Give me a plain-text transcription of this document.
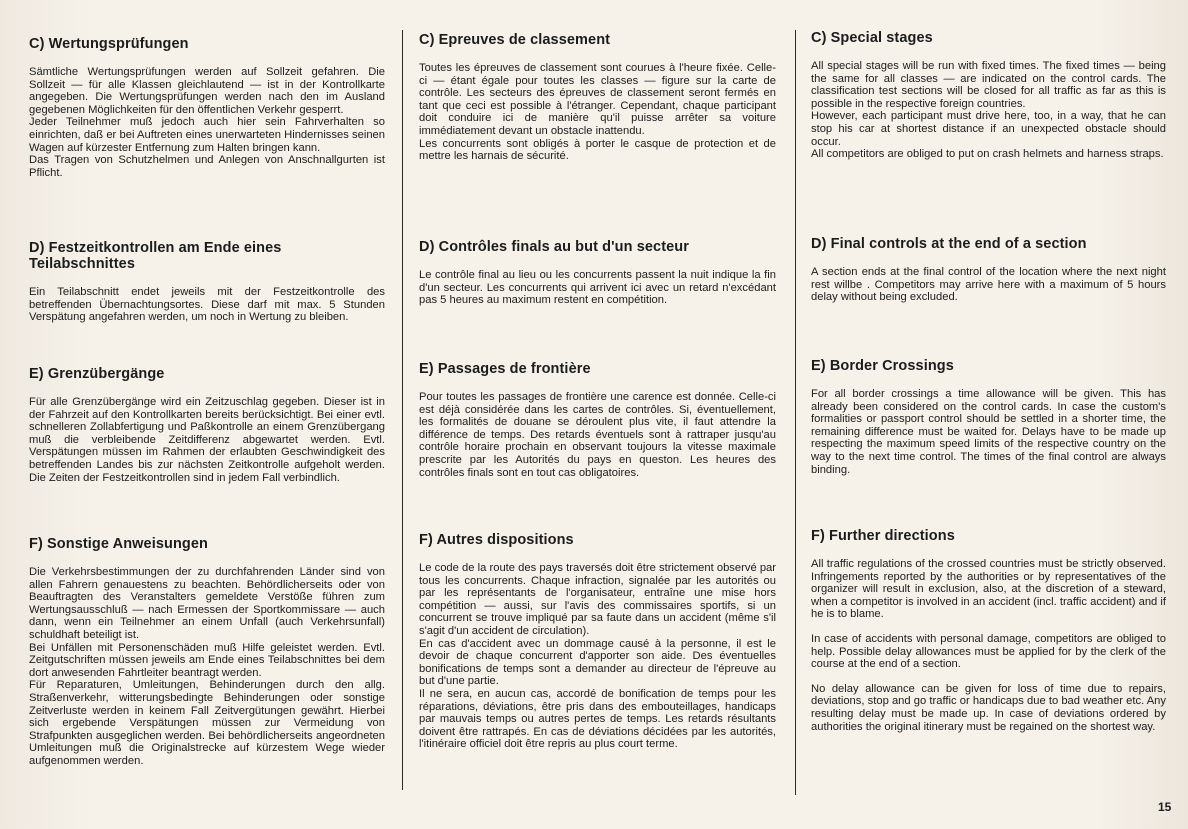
C) Wertungsprüfungen

Sämtliche Wertungsprüfungen werden auf Sollzeit gefahren. Die Sollzeit — für alle Klassen gleichlautend — ist in der Kontrollkarte angegeben. Die Wertungsprüfungen werden nach den im Ausland gegebenen Möglichkeiten für den öffentlichen Verkehr gesperrt.

Jeder Teilnehmer muß jedoch auch hier sein Fahrverhalten so einrichten, daß er bei Auftreten eines unerwarteten Hindernisses seinen Wagen auf kürzester Entfernung zum Halten bringen kann.

Das Tragen von Schutzhelmen und Anlegen von Anschnallgurten ist Pflicht.

D) Festzeitkontrollen am Ende eines Teilabschnittes

Ein Teilabschnitt endet jeweils mit der Festzeitkontrolle des betreffenden Übernachtungsortes. Diese darf mit max. 5 Stunden Verspätung angefahren werden, um noch in Wertung zu bleiben.

E) Grenzübergänge

Für alle Grenzübergänge wird ein Zeitzuschlag gegeben. Dieser ist in der Fahrzeit auf den Kontrollkarten bereits berücksichtigt. Bei einer evtl. schnelleren Zollabfertigung und Paßkontrolle an einem Grenzübergang muß die verbleibende Zeitdifferenz abgewartet werden. Evtl. Verspätungen müssen im Rahmen der erlaubten Geschwindigkeit des betreffenden Landes bis zur nächsten Zeitkontrolle aufgeholt werden. Die Zeiten der Festzeitkontrollen sind in jedem Fall verbindlich.

F) Sonstige Anweisungen

Die Verkehrsbestimmungen der zu durchfahrenden Länder sind von allen Fahrern genauestens zu beachten. Behördlicherseits oder von Beauftragten des Veranstalters gemeldete Verstöße führen zum Wertungsausschluß — nach Ermessen der Sportkommissare — auch dann, wenn ein Teilnehmer an einem Unfall (auch Verkehrsunfall) schuldhaft beteiligt ist.

Bei Unfällen mit Personenschäden muß Hilfe geleistet werden. Evtl. Zeitgutschriften müssen jeweils am Ende eines Teilabschnittes bei dem dort anwesenden Fahrtleiter beantragt werden.

Für Reparaturen, Umleitungen, Behinderungen durch den allg. Straßenverkehr, witterungsbedingte Behinderungen oder sonstige Zeitverluste werden in keinem Fall Zeitvergütungen gewährt. Hierbei sich ergebende Verspätungen müssen zur Vermeidung von Strafpunkten ausgeglichen werden. Bei behördlicherseits angeordneten Umleitungen muß die Originalstrecke auf kürzestem Wege wieder aufgenommen werden.

C) Epreuves de classement

Toutes les épreuves de classement sont courues à l'heure fixée. Celle-ci — étant égale pour toutes les classes — figure sur la carte de contrôle. Les secteurs des épreuves de classement seront fermés en tant que ceci est possible à l'étranger. Cependant, chaque participant doit conduire ici de manière qu'il puisse arrêter sa voiture immédiatement devant un obstacle inattendu.

Les concurrents sont obligés à porter le casque de protection et de mettre les harnais de sécurité.

D) Contrôles finals au but d'un secteur

Le contrôle final au lieu ou les concurrents passent la nuit indique la fin d'un secteur. Les concurrents qui arrivent ici avec un retard n'excédant pas 5 heures au maximum restent en compétition.

E) Passages de frontière

Pour toutes les passages de frontière une carence est donnée. Celle-ci est déjà considérée dans les cartes de contrôles. Si, éventuellement, les formalités de douane se déroulent plus vite, il faut attendre la différence de temps. Des retards éventuels sont à rattraper jusqu'au contrôle horaire prochain en observant toujours la vitesse maximale prescrite par les Autorités du pays en queston. Les heures des contrôles finals sont en tout cas obligatoires.

F) Autres dispositions

Le code de la route des pays traversés doit être strictement observé par tous les concurrents. Chaque infraction, signalée par les autorités ou par les représentants de l'organisateur, entraîne une mise hors compétition — aussi, sur l'avis des commissaires sportifs, si un concurrent se trouve impliqué par sa faute dans un accident (même s'il s'agit d'un accident de circulation).

En cas d'accident avec un dommage causé à la personne, il est le devoir de chaque concurrent d'apporter son aide. Des éventuelles bonifications de temps sont a demander au directeur de l'épreuve au but d'une partie.

Il ne sera, en aucun cas, accordé de bonification de temps pour les réparations, déviations, être pris dans des embouteillages, handicaps par mauvais temps ou autres pertes de temps. Les retards résultants doivent être rattrapés. En cas de déviations décidées par les autorités, l'itinéraire officiel doit être repris au plus court terme.

C) Special stages

All special stages will be run with fixed times. The fixed times — being the same for all classes — are indicated on the control cards. The classification test sections will be closed for all traffic as far as this is possible in the respective foreign countries.

However, each participant must drive here, too, in a way, that he can stop his car at shortest distance if an unexpected obstacle should occur.

All competitors are obliged to put on crash helmets and harness straps.

D) Final controls at the end of a section

A section ends at the final control of the location where the next night rest willbe . Competitors may arrive here with a maximum of 5 hours delay without being excluded.

E) Border Crossings

For all border crossings a time allowance will be given. This has already been considered on the control cards. In case the custom's formalities or passport control should be settled in a shorter time, the remaining difference must be waited for. Delays have to be made up respecting the maximum speed limits of the respective country on the way to the next time control. The times of the final control are always binding.

F) Further directions

All traffic regulations of the crossed countries must be strictly observed. Infringements reported by the authorities or by representatives of the organizer will result in exclusion, also, at the discretion of a steward, when a competitor is involved in an accident (incl. traffic accident) and if he is to blame.

In case of accidents with personal damage, competitors are obliged to help. Possible delay allowances must be applied for by the clerk of the course at the end of a section.

No delay allowance can be given for loss of time due to repairs, deviations, stop and go traffic or handicaps due to bad weather etc. Any resulting delay must be made up. In case of deviations ordered by authorities the original itinerary must be regained on the shortest way.

15
